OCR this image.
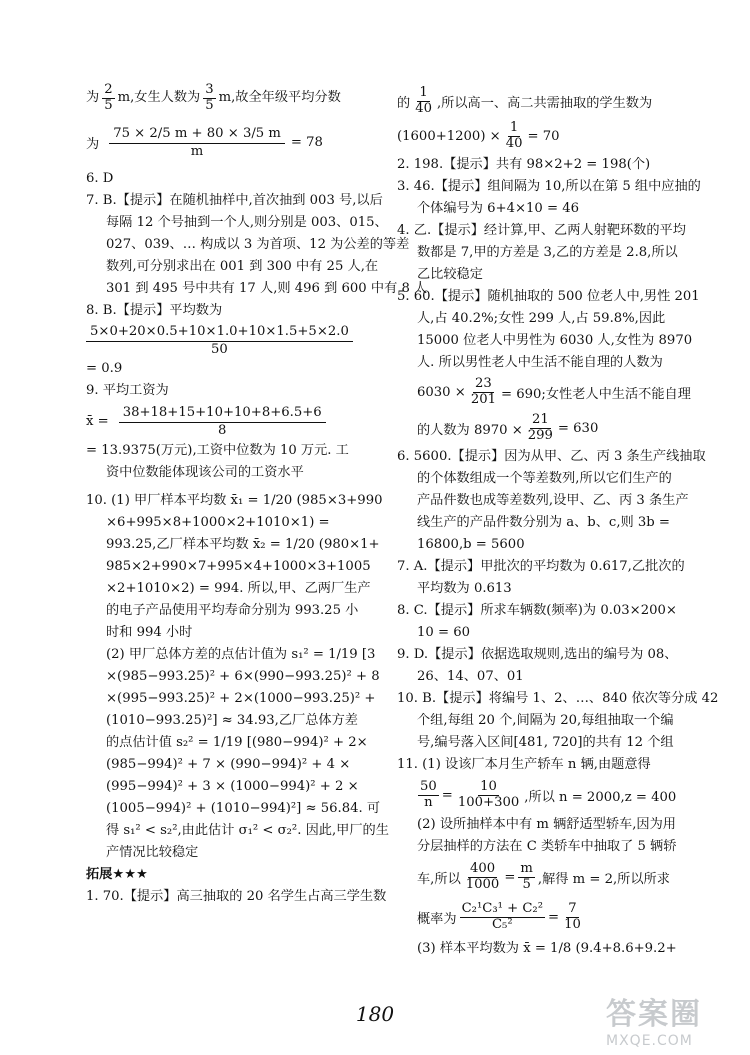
为 $\frac{2}{5} m$,女生人数为 $\frac{3}{5} m$,故全年级平均分数

为 $\frac{75 \times 2/5 m + 80 \times 3/5 m}{m} = 78$
6. D
7. B.【提示】在随机抽样中,首次抽到 003 号,以后
每隔 12 个号抽到一个人,则分别是 003、015、
027、039、… 构成以 3 为首项、12 为公差的等差
数列,可分别求出在 001 到 300 中有 25 人,在
301 到 495 号中共有 17 人,则 496 到 600 中有 8 人
8. B.【提示】平均数为
$\frac{5\times 0+20\times 0.5+10\times 1.0+10\times 1.5+5\times 2.0}{50}$
= 0.9
9. 平均工资为
x̄ = $\frac{38+18+15+10+10+8+6.5+6}{8}$
= 13.9375(万元),工资中位数为 10 万元. 工
资中位数能体现该公司的工资水平
10. (1) 甲厂样本平均数 x̄₁ = 1/20 (985×3+990
×6+995×8+1000×2+1010×1) =
993.25,乙厂样本平均数 x̄₂ = 1/20 (980×1+
985×2+990×7+995×4+1000×3+1005
×2+1010×2) = 994. 所以,甲、乙两厂生产
的电子产品使用平均寿命分别为 993.25 小
时和 994 小时
(2) 甲厂总体方差的点估计值为 s₁² = 1/19 [3
×(985−993.25)² + 6×(990−993.25)² + 8
×(995−993.25)² + 2×(1000−993.25)² +
(1010−993.25)²] ≈ 34.93,乙厂总体方差
的点估计值 s₂² = 1/19 [(980−994)² + 2×
(985−994)² + 7 × (990−994)² + 4 ×
(995−994)² + 3 × (1000−994)² + 2 ×
(1005−994)² + (1010−994)²] ≈ 56.84. 可
得 s₁² < s₂²,由此估计 σ₁² < σ₂². 因此,甲厂的生
产情况比较稳定
拓展★★★
1. 70.【提示】高三抽取的 20 名学生占高三学生数
的 $\frac{1}{40}$ ,所以高一、高二共需抽取的学生数为

$(1600+1200) \times \frac{1}{40} = 70$
2. 198.【提示】共有 98×2+2 = 198(个)
3. 46.【提示】组间隔为 10,所以在第 5 组中应抽的
个体编号为 6+4×10 = 46
4. 乙.【提示】经计算,甲、乙两人射靶环数的平均
数都是 7,甲的方差是 3,乙的方差是 2.8,所以
乙比较稳定
5. 60.【提示】随机抽取的 500 位老人中,男性 201
人,占 40.2%;女性 299 人,占 59.8%,因此
15000 位老人中男性为 6030 人,女性为 8970
人. 所以男性老人中生活不能自理的人数为
$6030 \times \frac{23}{201} = 690$;女性老人中生活不能自理

的人数为 $8970 \times \frac{21}{299} = 630$
6. 5600.【提示】因为从甲、乙、丙 3 条生产线抽取
的个体数组成一个等差数列,所以它们生产的
产品件数也成等差数列,设甲、乙、丙 3 条生产
线生产的产品件数分别为 a、b、c,则 3b =
16800,b = 5600
7. A.【提示】甲批次的平均数为 0.617,乙批次的
平均数为 0.613
8. C.【提示】所求车辆数(频率)为 0.03×200×
10 = 60
9. D.【提示】依据选取规则,选出的编号为 08、
26、14、07、01
10. B.【提示】将编号 1、2、…、840 依次等分成 42
个组,每组 20 个,间隔为 20,每组抽取一个编
号,编号落入区间[481, 720]的共有 12 个组
11. (1) 设该厂本月生产轿车 n 辆,由题意得
$\frac{50}{n} = \frac{10}{100+300}$ ,所以 n = 2000,z = 400
(2) 设所抽样本中有 m 辆舒适型轿车,因为用
分层抽样的方法在 C 类轿车中抽取了 5 辆轿
车,所以 $\frac{400}{1000} = \frac{m}{5}$ ,解得 m = 2,所以所求

概率为 $\frac{\text{C₂¹C₃¹ + C₂²}}{\text{C₅²}} = \frac{7}{10}$
(3) 样本平均数为 x̄ = 1/8 (9.4+8.6+9.2+
180	答案圈
MXQE.COM
